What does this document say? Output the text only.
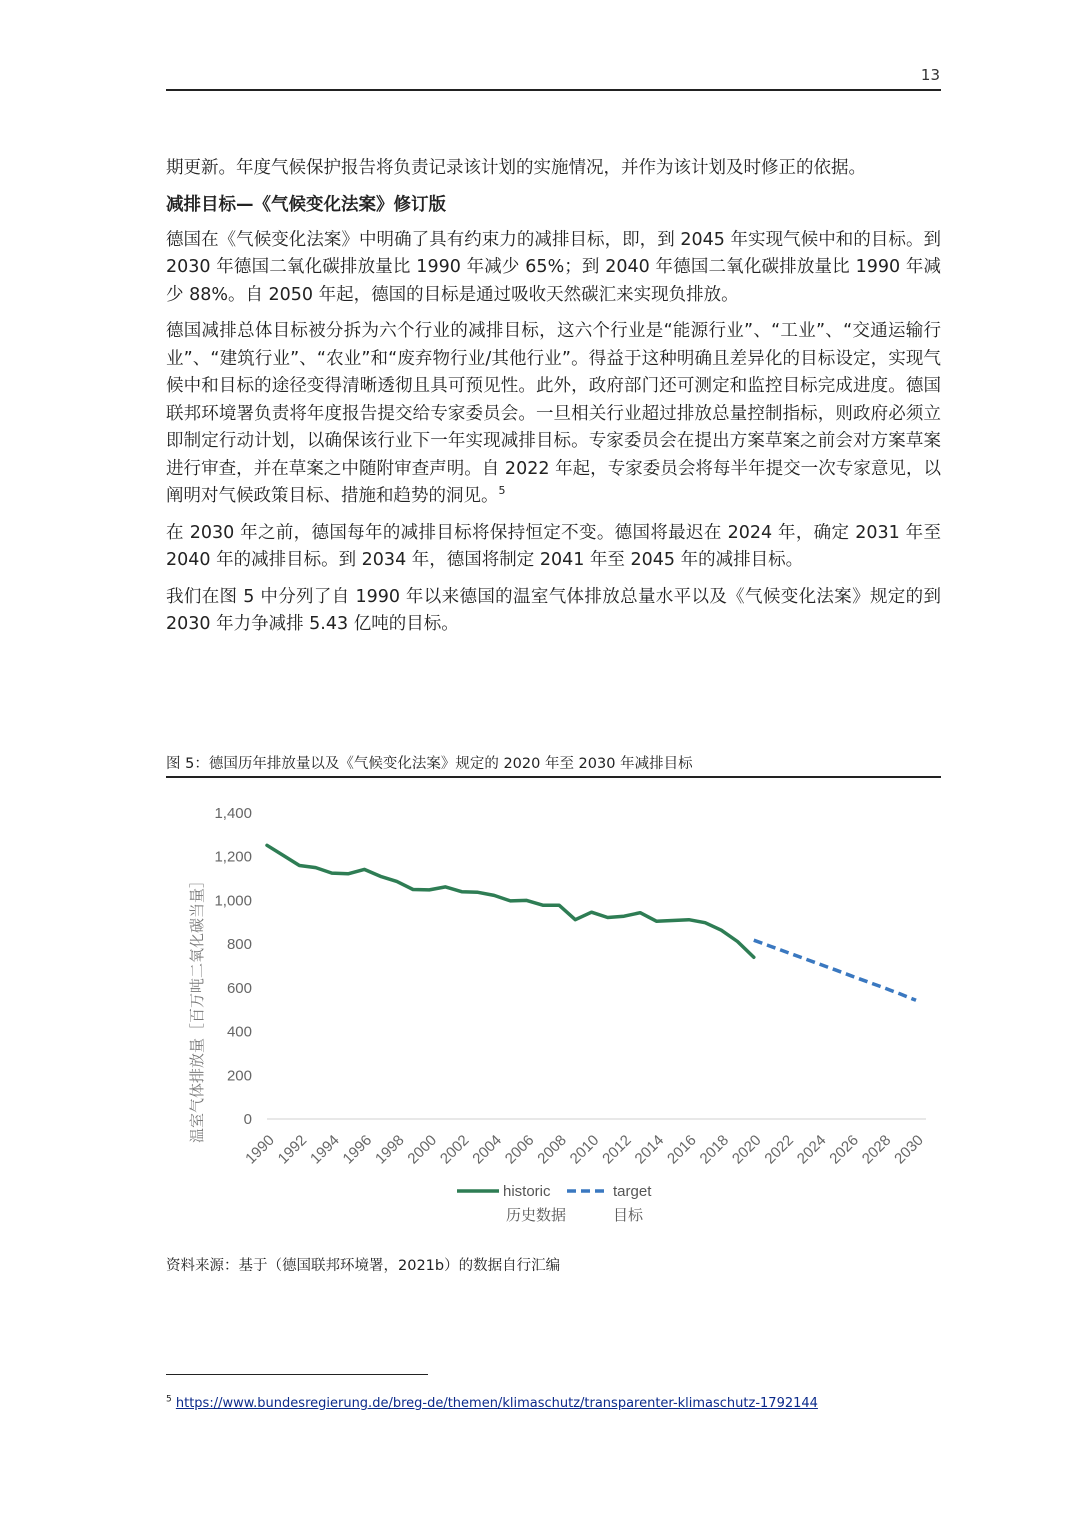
13

期更新。年度气候保护报告将负责记录该计划的实施情况，并作为该计划及时修正的依据。

减排目标—《气候变化法案》修订版

德国在《气候变化法案》中明确了具有约束力的减排目标，即，到 2045 年实现气候中和的目标。到 2030 年德国二氧化碳排放量比 1990 年减少 65%；到 2040 年德国二氧化碳排放量比 1990 年减少 88%。自 2050 年起，德国的目标是通过吸收天然碳汇来实现负排放。

德国减排总体目标被分拆为六个行业的减排目标，这六个行业是“能源行业”、“工业”、“交通运输行业”、“建筑行业”、“农业”和“废弃物行业/其他行业”。得益于这种明确且差异化的目标设定，实现气候中和目标的途径变得清晰透彻且具可预见性。此外，政府部门还可测定和监控目标完成进度。德国联邦环境署负责将年度报告提交给专家委员会。一旦相关行业超过排放总量控制指标，则政府必须立即制定行动计划，以确保该行业下一年实现减排目标。专家委员会在提出方案草案之前会对方案草案进行审查，并在草案之中随附审查声明。自 2022 年起，专家委员会将每半年提交一次专家意见，以阐明对气候政策目标、措施和趋势的洞见。$^5$

在 2030 年之前，德国每年的减排目标将保持恒定不变。德国将最迟在 2024 年，确定 2031 年至 2040 年的减排目标。到 2034 年，德国将制定 2041 年至 2045 年的减排目标。

我们在图 5 中分列了自 1990 年以来德国的温室气体排放总量水平以及《气候变化法案》规定的到 2030 年力争减排 5.43 亿吨的目标。

图 5：德国历年排放量以及《气候变化法案》规定的 2020 年至 2030 年减排目标
温室气体排放量［百万吨二氧化碳当量］	0
200
400
600
800
1,000
1,200
1,400
1990
1992
1994
1996
1998
2000
2002
2004
2006
2008
2010
2012
2014
2016
2018
2020
2022
2024
2026
2028
2030
historic
历史数据
target
目标
资料来源：基于（德国联邦环境署，2021b）的数据自行汇编
$^5$ https://www.bundesregierung.de/breg-de/themen/klimaschutz/transparenter-klimaschutz-1792144
